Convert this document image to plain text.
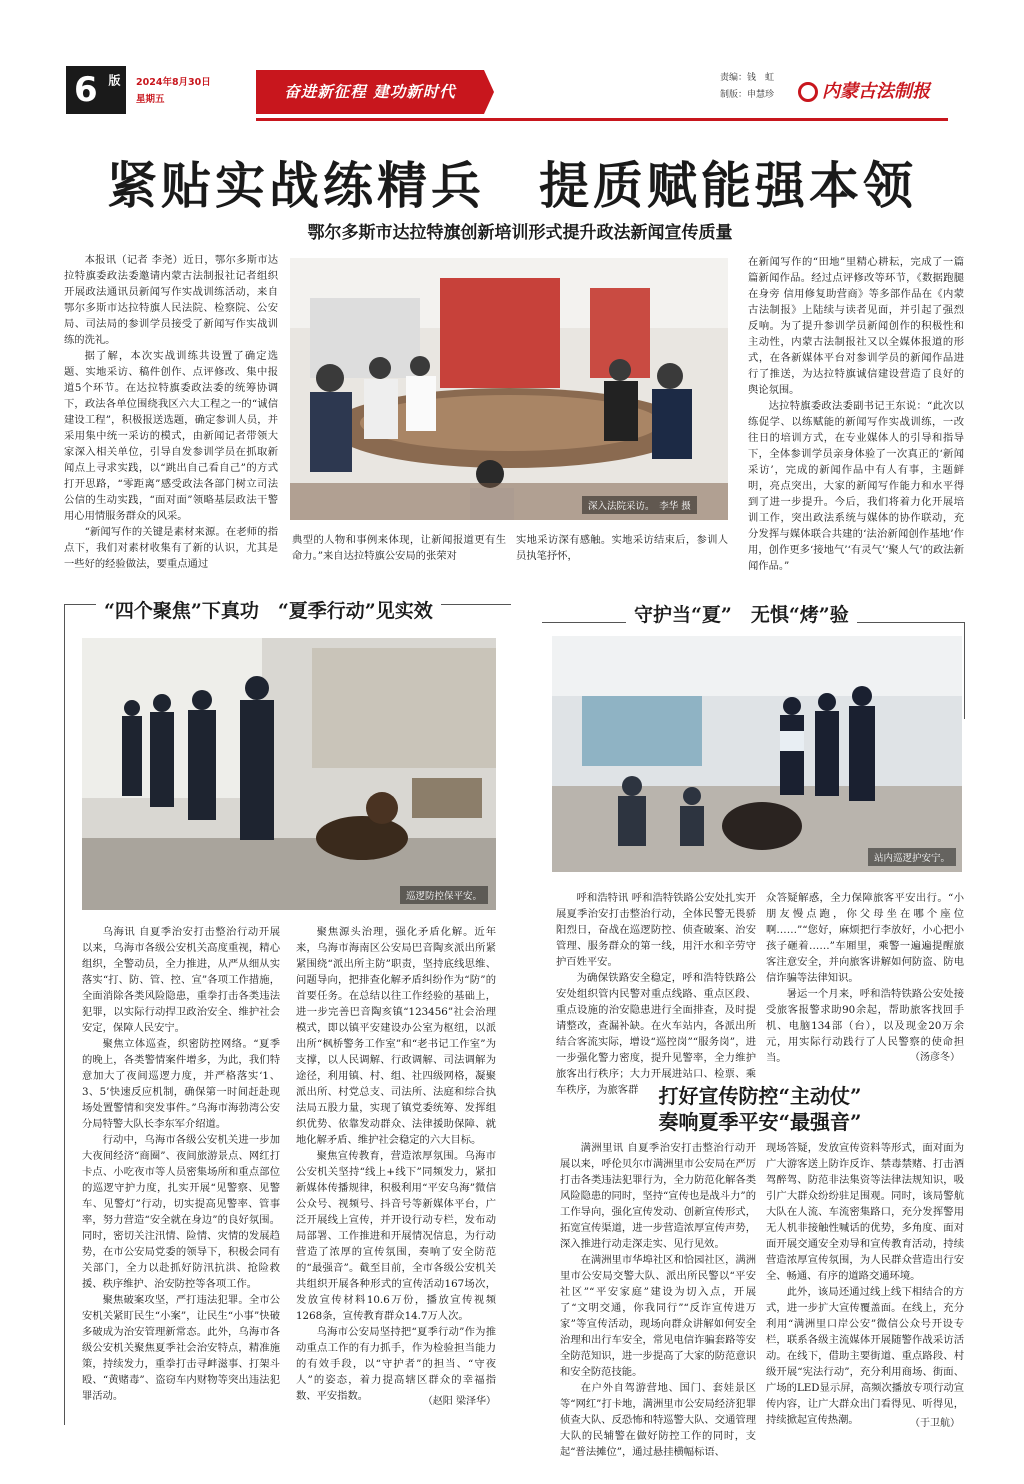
6 版 2024年8月30日
星期五	奋进新征程 建功新时代
责编：钱　虹
制版：申慧珍	内蒙古法制报
紧贴实战练精兵　提质赋能强本领
鄂尔多斯市达拉特旗创新培训形式提升政法新闻宣传质量

本报讯（记者 李尧）近日，鄂尔多斯市达拉特旗委政法委邀请内蒙古法制报社记者组织开展政法通讯员新闻写作实战训练活动，来自鄂尔多斯市达拉特旗人民法院、检察院、公安局、司法局的参训学员接受了新闻写作实战训练的洗礼。

据了解，本次实战训练共设置了确定选题、实地采访、稿件创作、点评修改、集中报道5个环节。在达拉特旗委政法委的统筹协调下，政法各单位围绕我区六大工程之一的“诚信建设工程”，积极报送选题，确定参训人员，并采用集中统一采访的模式，由新闻记者带领大家深入相关单位，引导自发参训学员在抓取新闻点上寻求实践，以“跳出自己看自己”的方式打开思路，“零距离”感受政法各部门树立司法公信的生动实践，“面对面”领略基层政法干警用心用情服务群众的风采。

“新闻写作的关键是素材来源。在老师的指点下，我们对素材收集有了新的认识，尤其是一些好的经验做法，要重点通过

深入法院采访。　 李华 摄

典型的人物和事例来体现，让新闻报道更有生命力。”来自达拉特旗公安局的张荣对

实地采访深有感触。实地采访结束后，参训人员执笔抒怀，

在新闻写作的“田地”里精心耕耘，完成了一篇篇新闻作品。经过点评修改等环节，《数据跑腿在身旁 信用修复助营商》等多部作品在《内蒙古法制报》上陆续与读者见面，并引起了强烈反响。为了提升参训学员新闻创作的积极性和主动性，内蒙古法制报社又以全媒体报道的形式，在各新媒体平台对参训学员的新闻作品进行了推送，为达拉特旗诚信建设营造了良好的舆论氛围。

达拉特旗委政法委副书记王东说：“此次以练促学、以练赋能的新闻写作实战训练，一改往日的培训方式，在专业媒体人的引导和指导下，全体参训学员亲身体验了一次真正的‘新闻采访’，完成的新闻作品中有人有事，主题鲜明，亮点突出，大家的新闻写作能力和水平得到了进一步提升。今后，我们将着力化开展培训工作，突出政法系统与媒体的协作联动，充分发挥与媒体联合共建的‘法治新闻创作基地’作用，创作更多‘接地气’‘有灵气’‘聚人气’的政法新闻作品。”

“四个聚焦”下真功　“夏季行动”见实效
巡逻防控保平安。

乌海讯 自夏季治安打击整治行动开展以来，乌海市各级公安机关高度重视，精心组织，全警动员，全力推进，从严从细从实落实“打、防、管、控、宣”各项工作措施，全面消除各类风险隐患，重拳打击各类违法犯罪，以实际行动捍卫政治安全、维护社会安定，保障人民安宁。

聚焦立体巡查，织密防控网络。“夏季的晚上，各类警情案件增多，为此，我们特意加大了夜间巡逻力度，并严格落实‘1、3、5’快速反应机制，确保第一时间赶赴现场处置警情和突发事件。”乌海市海勃湾公安分局特警大队长李东军介绍道。

行动中，乌海市各级公安机关进一步加大夜间经济“商圈”、夜间旅游景点、网红打卡点、小吃夜市等人员密集场所和重点部位的巡逻守护力度，扎实开展“见警察、见警车、见警灯”行动，切实提高见警率、管事率，努力营造“安全就在身边”的良好氛围。同时，密切关注汛情、险情、灾情的发展趋势，在市公安局党委的领导下，积极会同有关部门，全力以赴抓好防汛抗洪、抢险救援、秩序维护、治安防控等各项工作。

聚焦破案攻坚，严打违法犯罪。全市公安机关紧盯民生“小案”，让民生“小事”快破多破成为治安管理新常态。此外，乌海市各级公安机关聚焦夏季社会治安特点，精准施策，持续发力，重拳打击寻衅滋事、打架斗殴、“黄赌毒”、盗窃车内财物等突出违法犯罪活动。

聚焦源头治理，强化矛盾化解。近年来，乌海市海南区公安局巴音陶亥派出所紧紧围绕“派出所主防”职责，坚持底线思维、问题导向，把排查化解矛盾纠纷作为“防”的首要任务。在总结以往工作经验的基础上，进一步完善巴音陶亥镇“123456”社会治理模式，即以镇平安建设办公室为枢纽，以派出所“枫桥警务工作室”和“老书记工作室”为支撑，以人民调解、行政调解、司法调解为途径，利用镇、村、组、社四级网格，凝聚派出所、村党总支、司法所、法庭和综合执法局五股力量，实现了镇党委统筹、发挥组织优势、依靠发动群众、法律援助保障、就地化解矛盾、维护社会稳定的六大目标。

聚焦宣传教育，营造浓厚氛围。乌海市公安机关坚持“线上+线下”同频发力，紧扣新媒体传播规律，积极利用“平安乌海”微信公众号、视频号、抖音号等新媒体平台，广泛开展线上宣传，并开设行动专栏，发布动局部署、工作推进和开展情况信息，为行动营造了浓厚的宣传氛围，奏响了安全防范的“最强音”。截至目前，全市各级公安机关共组织开展各种形式的宣传活动167场次，发放宣传材料10.6万份，播放宣传视频1268条，宣传教育群众14.7万人次。

乌海市公安局坚持把“夏季行动”作为推动重点工作的有力抓手，作为检验担当能力的有效手段，以“守护者”的担当、“守夜人”的姿态，着力提高辖区群众的幸福指数、平安指数。	（赵阳 梁泽华）
守护当“夏”　无惧“烤”验
站内巡逻护安宁。

呼和浩特讯 呼和浩特铁路公安处扎实开展夏季治安打击整治行动，全体民警无畏骄阳烈日，奋战在巡逻防控、侦查破案、治安管理、服务群众的第一线，用汗水和辛劳守护百姓平安。

为确保铁路安全稳定，呼和浩特铁路公安处组织管内民警对重点线路、重点区段、重点设施的治安隐患进行全面排查，及时提请整改，查漏补缺。在火车站内，各派出所结合客流实际，增设“巡控岗”“服务岗”，进一步强化警力密度，提升见警率，全力维护旅客出行秩序；大力开展进站口、检票、乘车秩序，为旅客群

众答疑解惑，全力保障旅客平安出行。“小朋友慢点跑，你父母坐在哪个座位啊……”“您好，麻烦把行李放好，小心把小孩子砸着……”车厢里，乘警一遍遍提醒旅客注意安全，并向旅客讲解如何防盗、防电信诈骗等法律知识。

暑运一个月来，呼和浩特铁路公安处接受旅客报警求助90余起，帮助旅客找回手机、电脑134部（台），以及现金20万余元，用实际行动践行了人民警察的使命担当。	（汤彦冬）
打好宣传防控“主动仗”
奏响夏季平安“最强音”

满洲里讯 自夏季治安打击整治行动开展以来，呼伦贝尔市满洲里市公安局在严厉打击各类违法犯罪行为，全力防范化解各类风险隐患的同时，坚持“宣传也是战斗力”的工作导向，强化宣传发动、创新宣传形式，拓宽宣传渠道，进一步营造浓厚宣传声势，深入推进行动走深走实、见行见效。

在满洲里市华埠社区和恰园社区，满洲里市公安局交警大队、派出所民警以“平安社区”“平安家庭”建设为切入点，开展了“文明交通，你我同行”“反诈宣传进万家”等宣传活动，现场向群众讲解如何安全治理和出行车安全，常见电信诈骗套路等安全防范知识，进一步提高了大家的防范意识和安全防范技能。

在户外自驾游营地、国门、套娃景区等“网红”打卡地，满洲里市公安局经济犯罪侦查大队、反恐怖和特巡警大队、交通管理大队的民辅警在做好防控工作的同时，支起“普法摊位”，通过悬挂横幅标语、

现场答疑，发放宣传资料等形式，面对面为广大游客送上防诈反诈、禁毒禁赌、打击酒驾醉驾、防范非法集资等法律法规知识，吸引广大群众纷纷驻足围观。同时，该局警航大队在人流、车流密集路口，充分发挥警用无人机非接触性喊话的优势，多角度、面对面开展交通安全劝导和宣传教育活动，持续营造浓厚宣传氛围，为人民群众营造出行安全、畅通、有序的道路交通环境。

此外，该局还通过线上线下相结合的方式，进一步扩大宣传覆盖面。在线上，充分利用“满洲里口岸公安”微信公众号开设专栏，联系各级主流媒体开展随警作战采访活动。在线下，借助主要街道、重点路段、村级开展“宪法行动”，充分利用商场、街面、广场的LED显示屏，高频次播放专项行动宣传内容，让广大群众出门看得见、听得见，持续掀起宣传热潮。	（于卫航）
